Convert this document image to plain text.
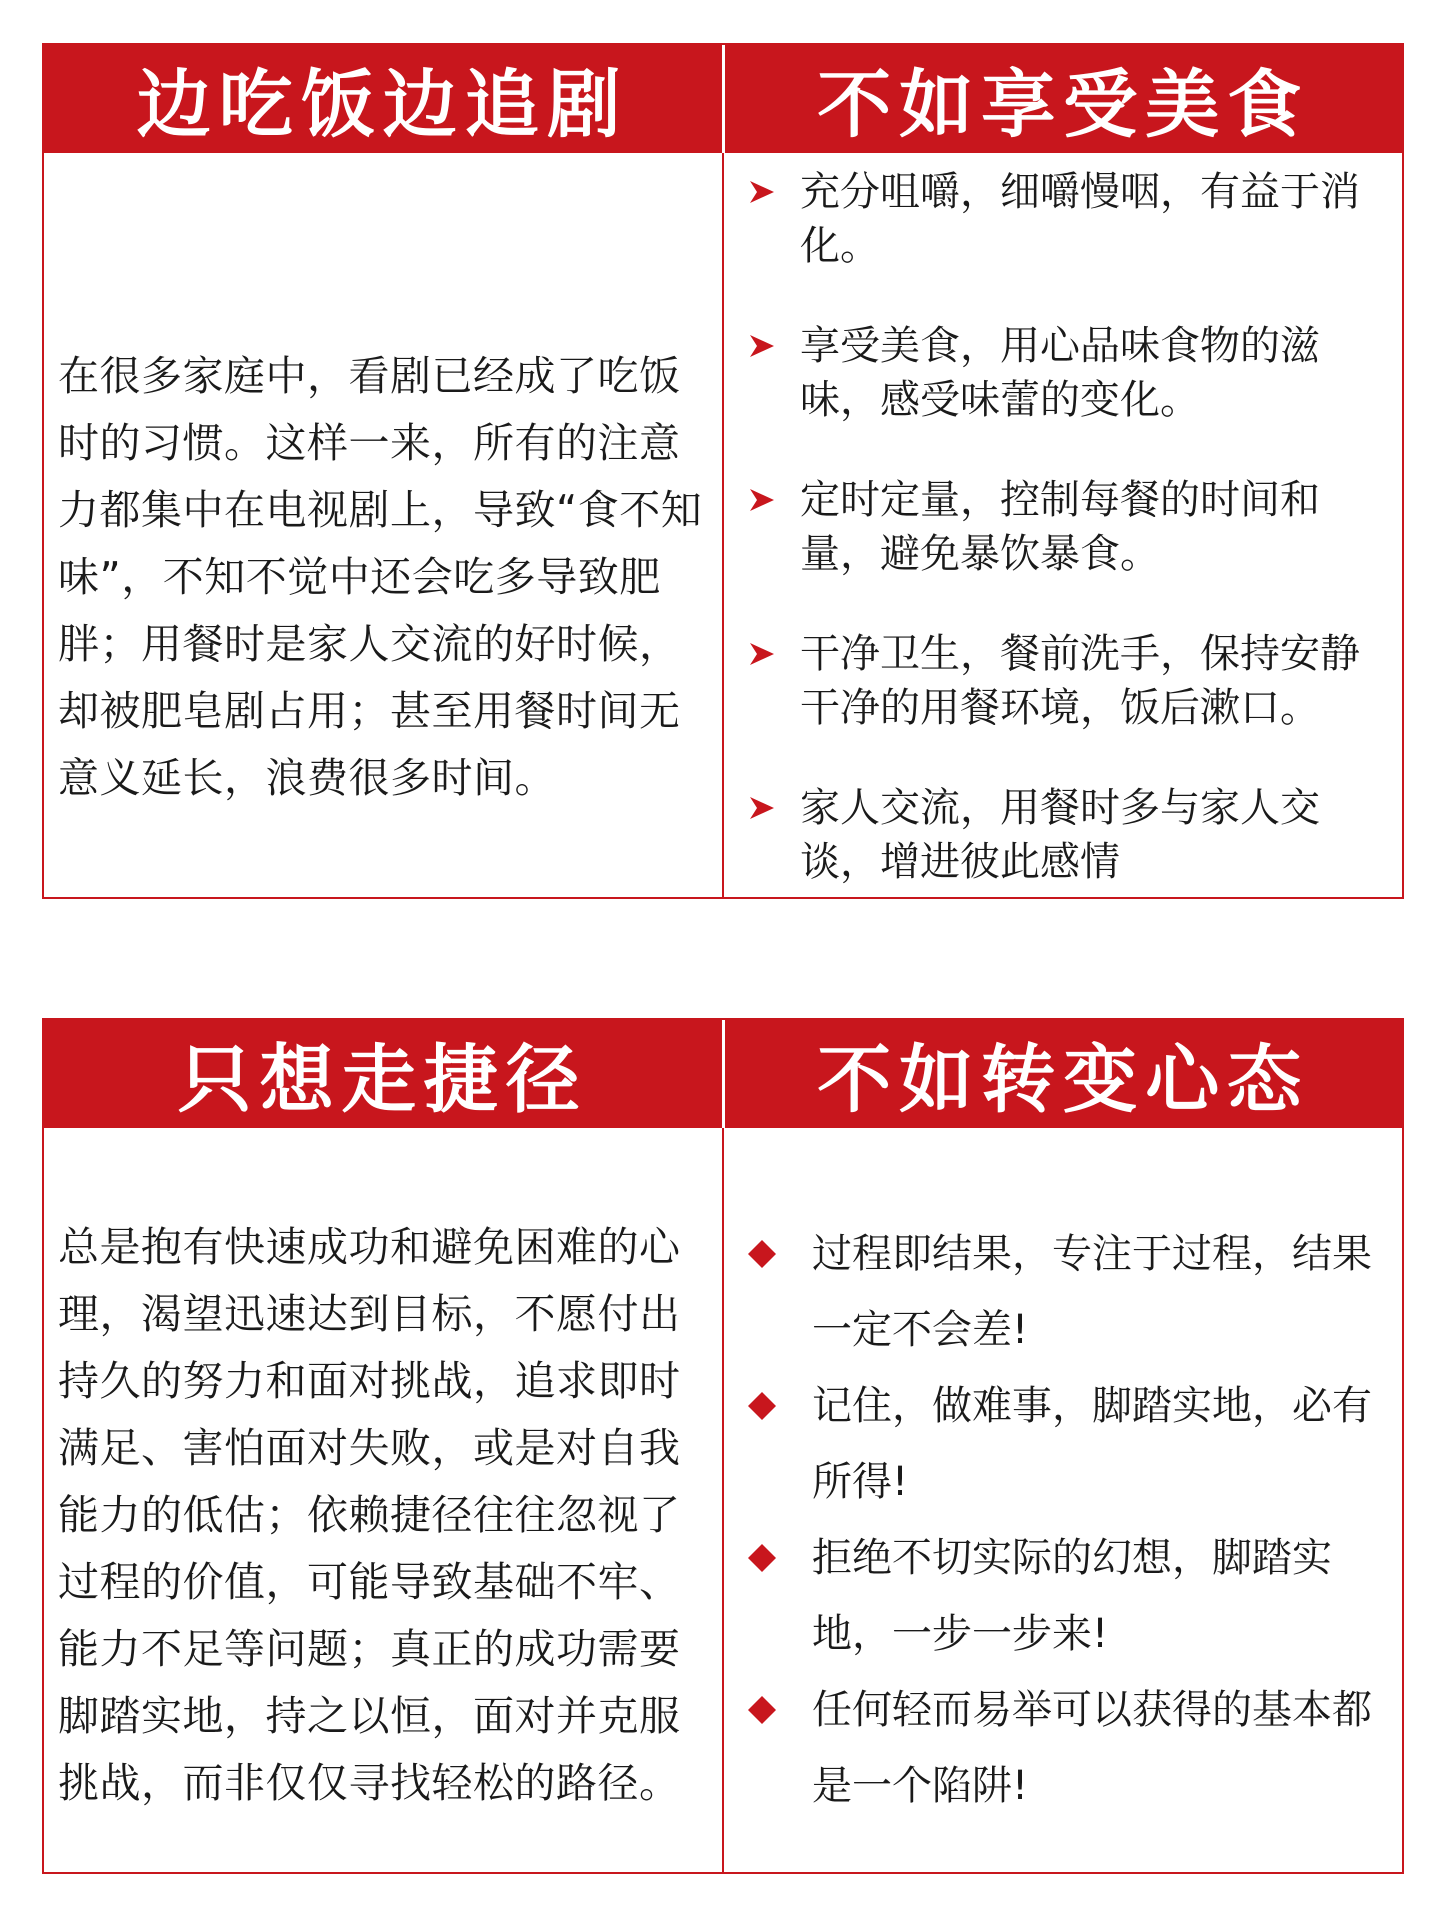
边吃饭边追剧	不如享受美食
在很多家庭中，看剧已经成了吃饭时的习惯。这样一来，所有的注意力都集中在电视剧上，导致“食不知味”，不知不觉中还会吃多导致肥胖；用餐时是家人交流的好时候，却被肥皂剧占用；甚至用餐时间无意义延长，浪费很多时间。
充分咀嚼，细嚼慢咽，有益于消化。
享受美食，用心品味食物的滋味，感受味蕾的变化。
定时定量，控制每餐的时间和量，避免暴饮暴食。
干净卫生，餐前洗手，保持安静干净的用餐环境，饭后漱口。
家人交流，用餐时多与家人交谈，增进彼此感情
只想走捷径	不如转变心态
总是抱有快速成功和避免困难的心理，渴望迅速达到目标，不愿付出持久的努力和面对挑战，追求即时满足、害怕面对失败，或是对自我能力的低估；依赖捷径往往忽视了过程的价值，可能导致基础不牢、能力不足等问题；真正的成功需要脚踏实地，持之以恒，面对并克服挑战，而非仅仅寻找轻松的路径。
过程即结果，专注于过程，结果一定不会差!
记住，做难事，脚踏实地，必有所得!
拒绝不切实际的幻想，脚踏实地，一步一步来!
任何轻而易举可以获得的基本都是一个陷阱!
